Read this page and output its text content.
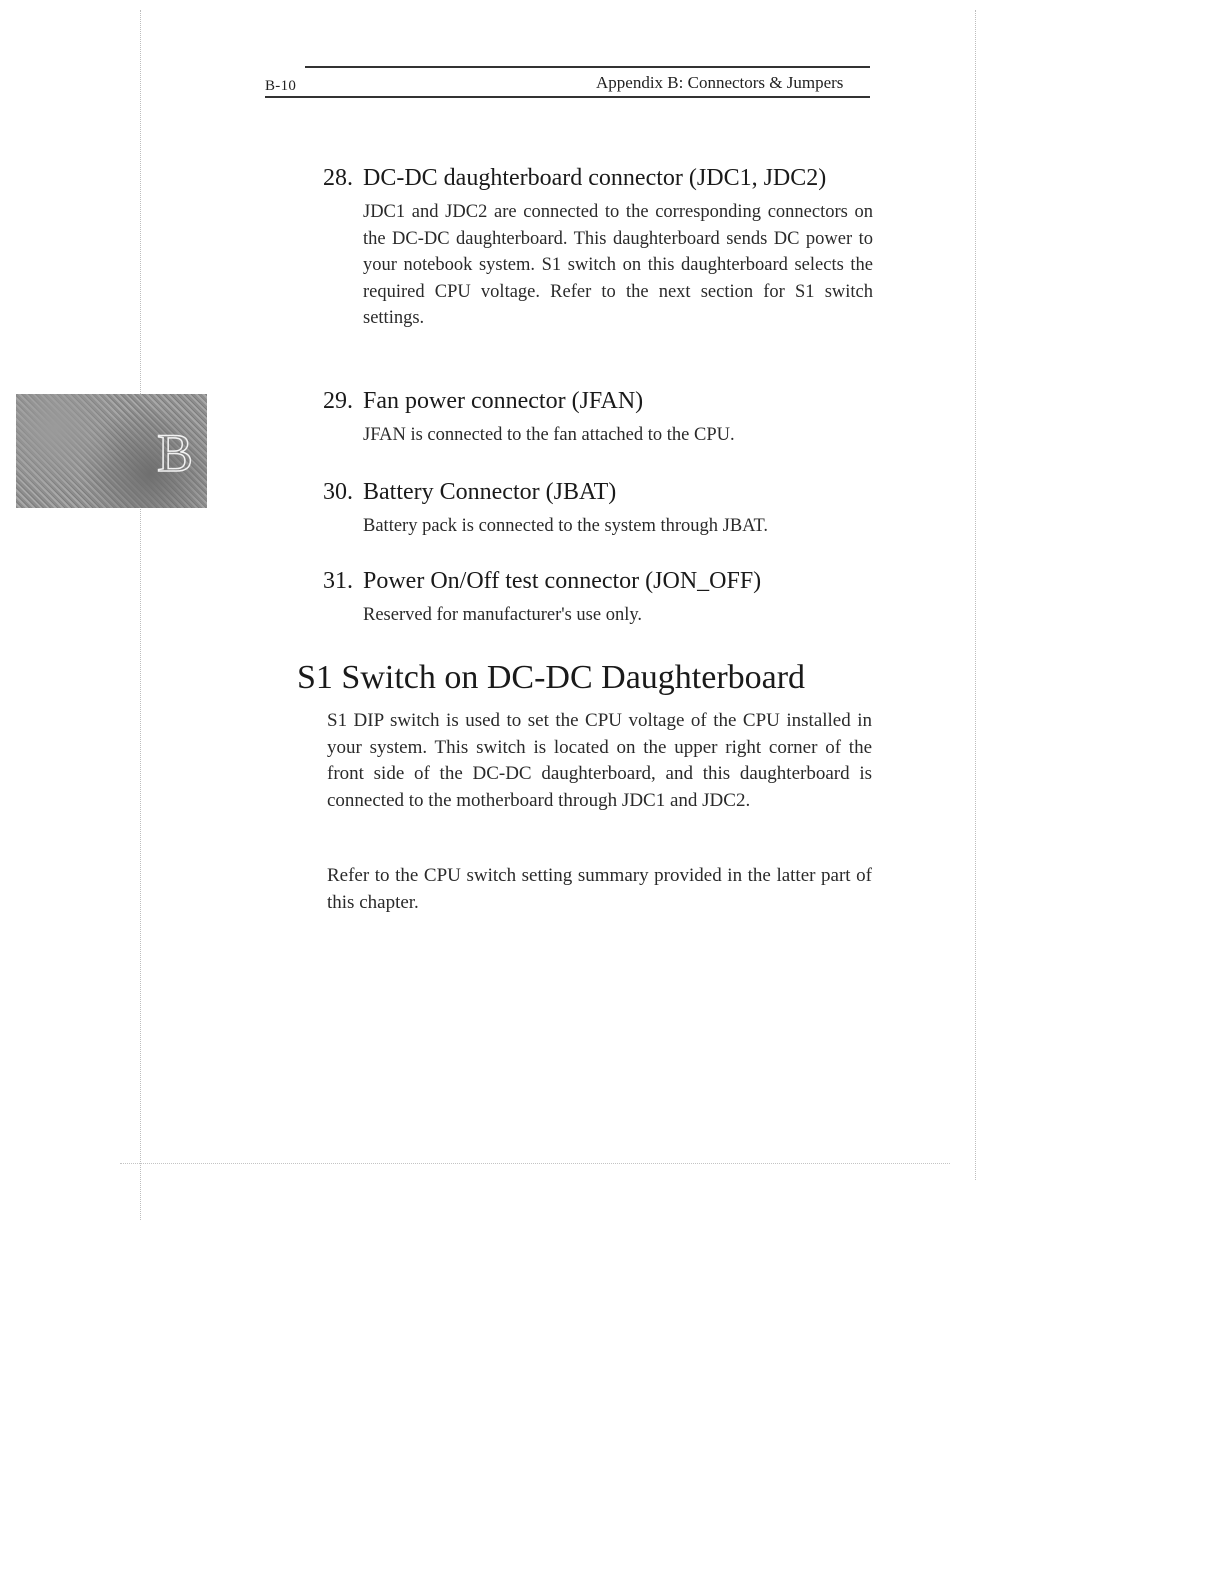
B-10	Appendix B: Connectors & Jumpers
B
28. DC-DC daughterboard connector (JDC1, JDC2)
JDC1 and JDC2 are connected to the corresponding connectors on the DC-DC daughterboard. This daughterboard sends DC power to your notebook system. S1 switch on this daughterboard selects the required CPU voltage. Refer to the next section for S1 switch settings.
29. Fan power connector (JFAN)
JFAN is connected to the fan attached to the CPU.
30. Battery Connector (JBAT)
Battery pack is connected to the system through JBAT.
31. Power On/Off test connector (JON_OFF)
Reserved for manufacturer's use only.
S1 Switch on DC-DC Daughterboard
S1 DIP switch is used to set the CPU voltage of the CPU installed in your system. This switch is located on the upper right corner of the front side of the DC-DC daughterboard, and this daughterboard is connected to the motherboard through JDC1 and JDC2.
Refer to the CPU switch setting summary provided in the latter part of this chapter.
